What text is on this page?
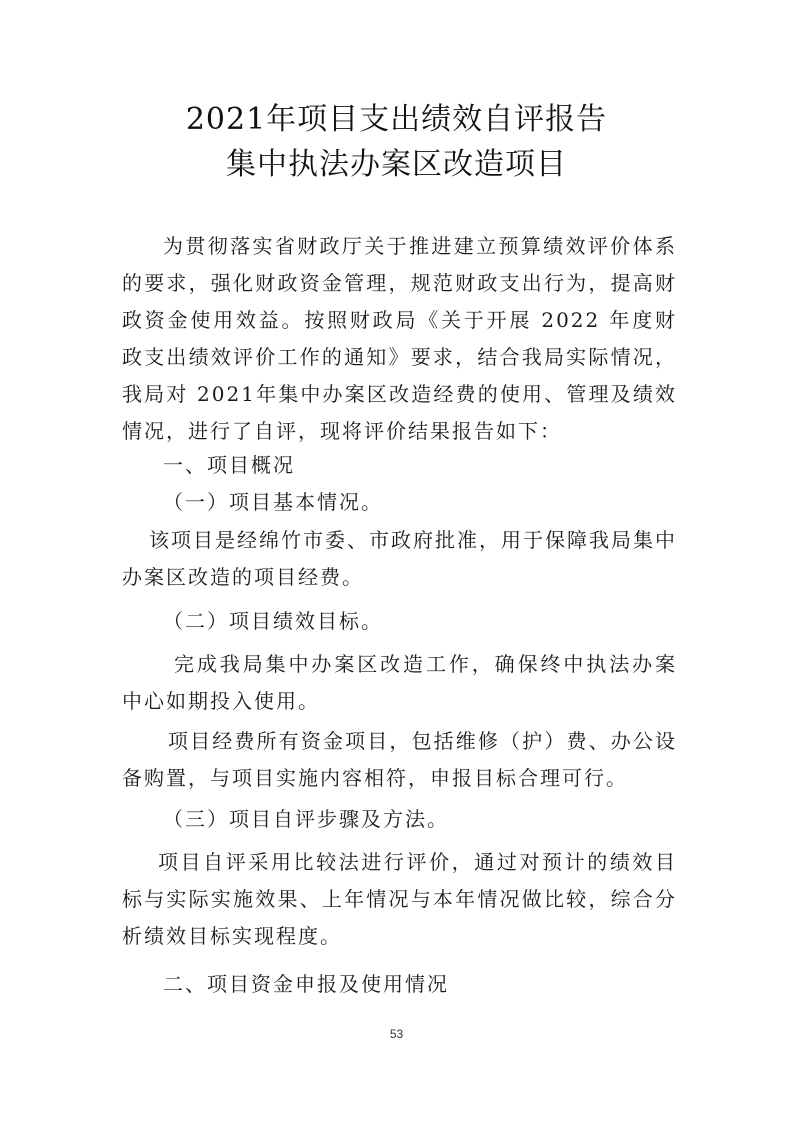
2021年项目支出绩效自评报告
集中执法办案区改造项目
为贯彻落实省财政厅关于推进建立预算绩效评价体系的要求，强化财政资金管理，规范财政支出行为，提高财政资金使用效益。按照财政局《关于开展 2022 年度财政支出绩效评价工作的通知》要求，结合我局实际情况，我局对 2021年集中办案区改造经费的使用、管理及绩效情况，进行了自评，现将评价结果报告如下：
一、项目概况
（一）项目基本情况。
该项目是经绵竹市委、市政府批准，用于保障我局集中办案区改造的项目经费。
（二）项目绩效目标。
完成我局集中办案区改造工作，确保终中执法办案中心如期投入使用。
项目经费所有资金项目，包括维修（护）费、办公设备购置，与项目实施内容相符，申报目标合理可行。
（三）项目自评步骤及方法。
项目自评采用比较法进行评价，通过对预计的绩效目标与实际实施效果、上年情况与本年情况做比较，综合分析绩效目标实现程度。
二、项目资金申报及使用情况
53
